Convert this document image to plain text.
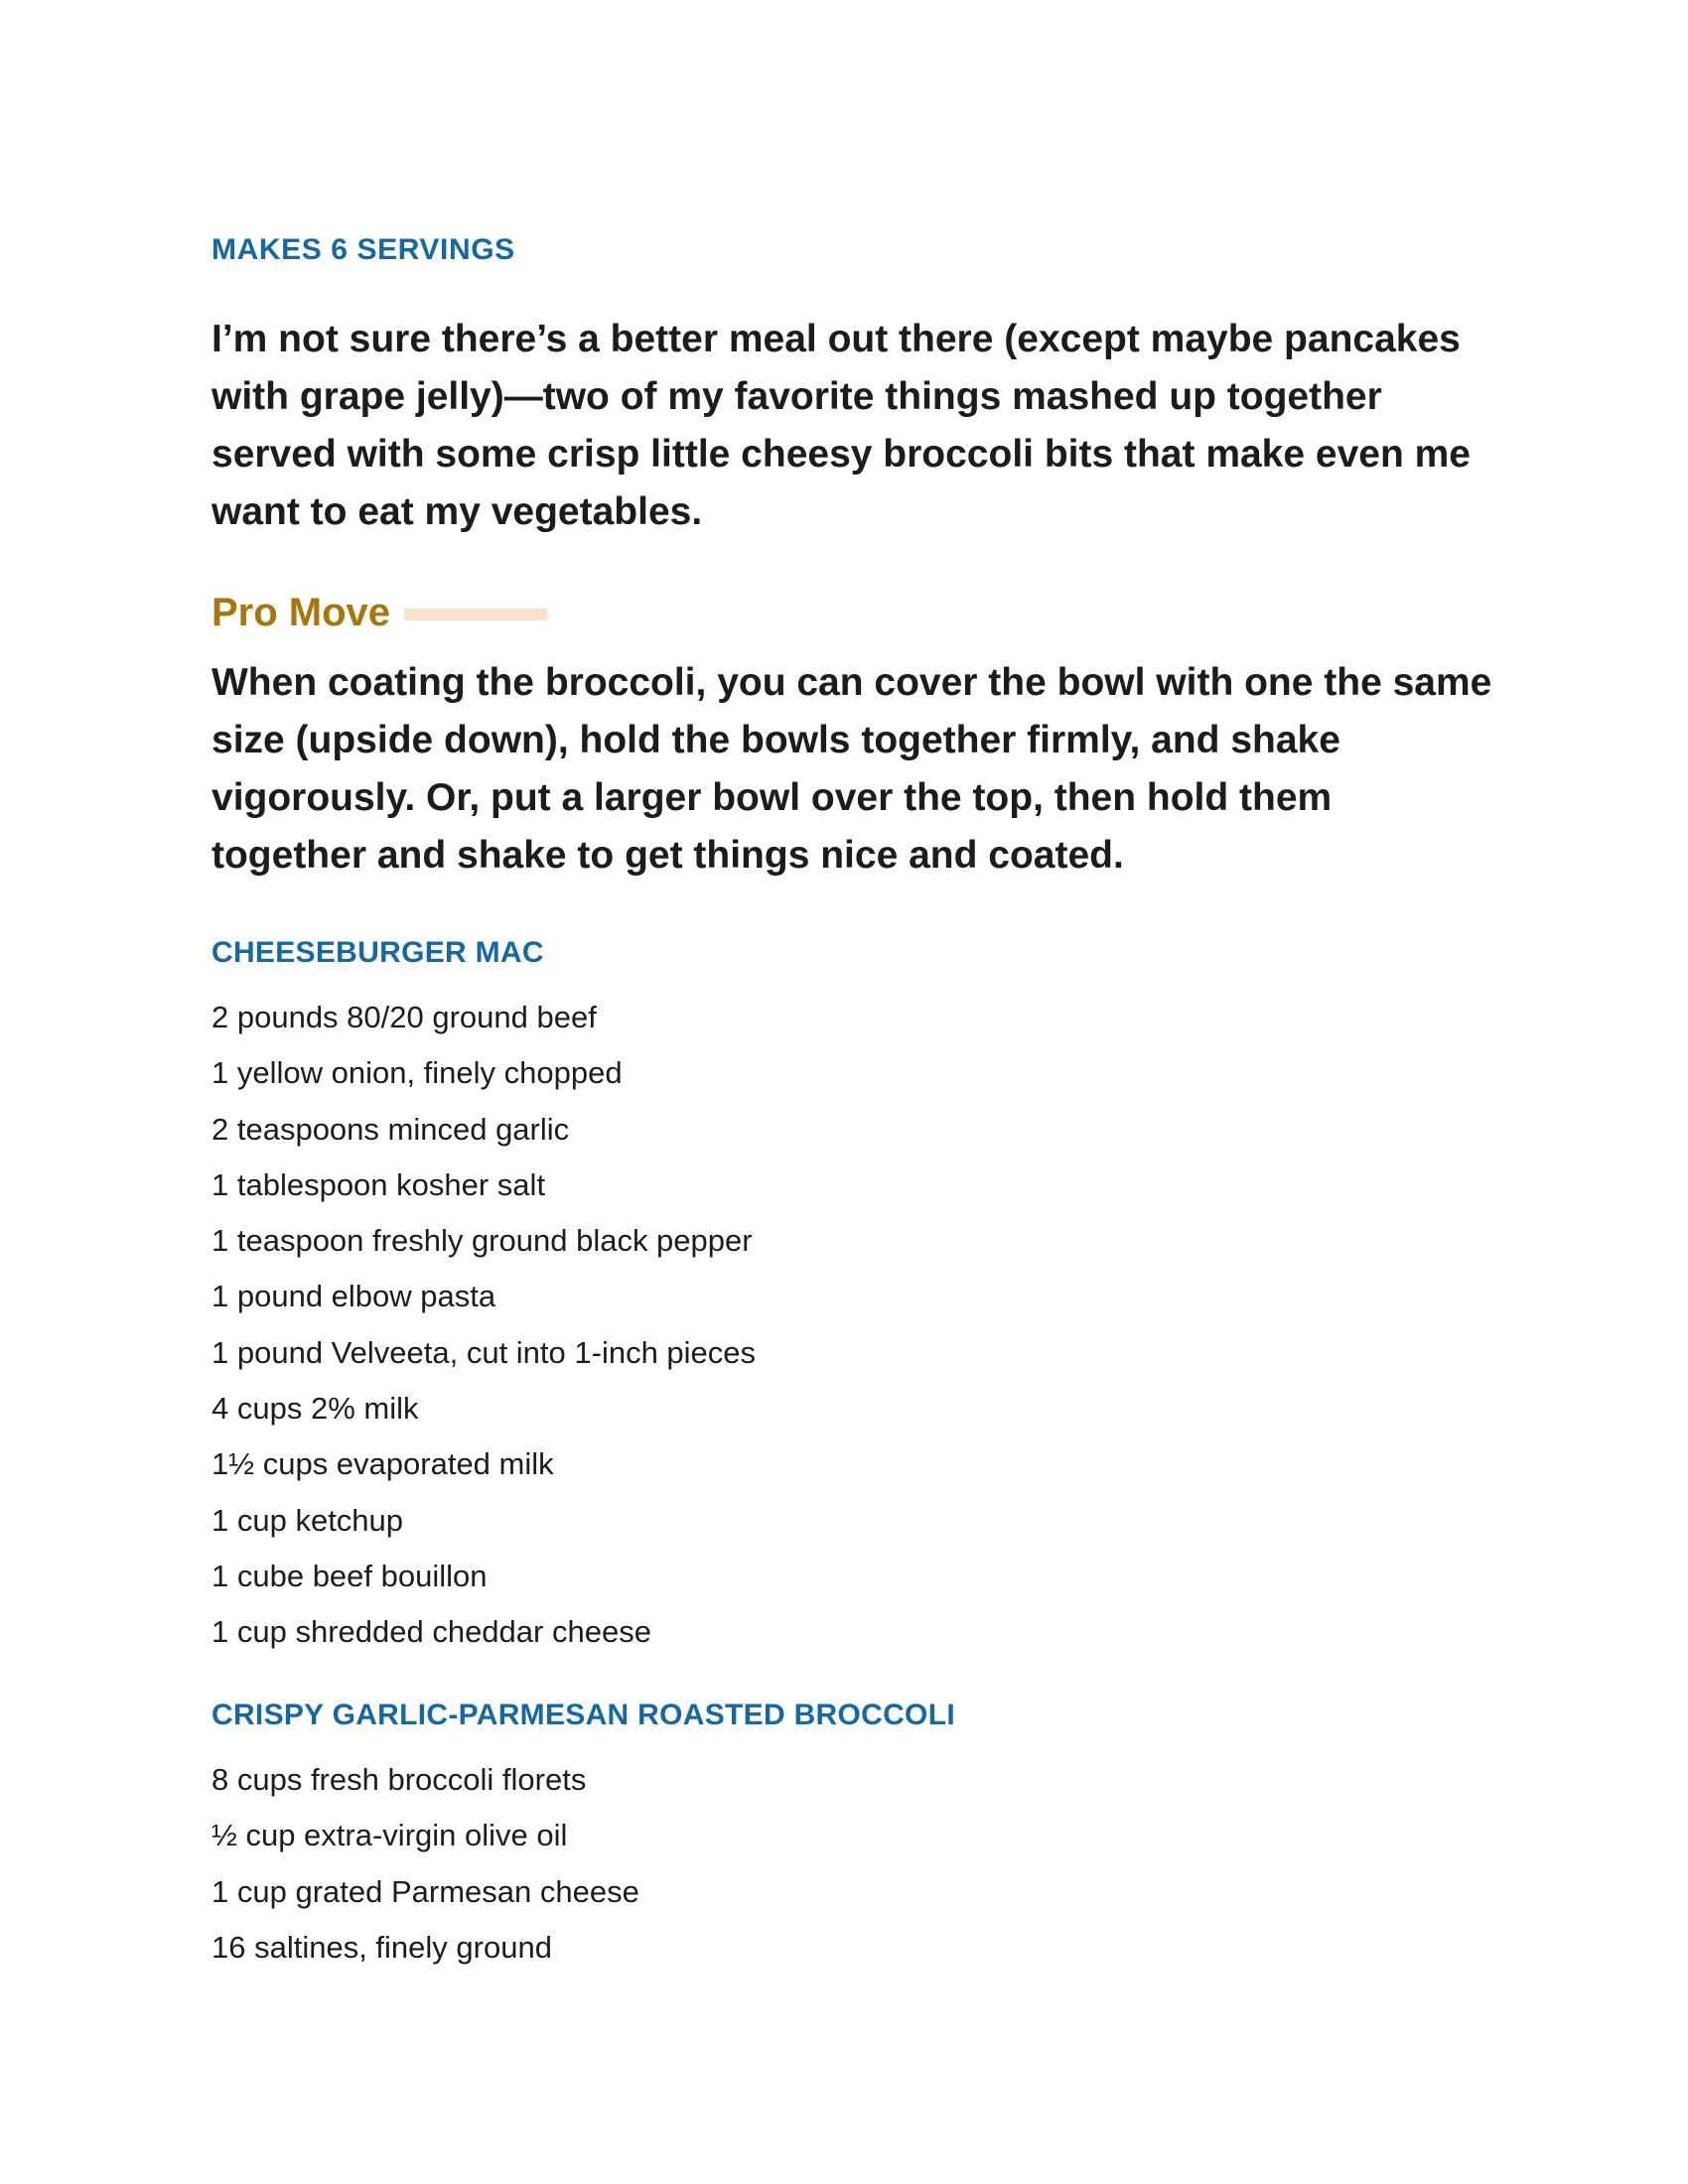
MAKES 6 SERVINGS
I’m not sure there’s a better meal out there (except maybe pancakes with grape jelly)—two of my favorite things mashed up together served with some crisp little cheesy broccoli bits that make even me want to eat my vegetables.
Pro Move
When coating the broccoli, you can cover the bowl with one the same size (upside down), hold the bowls together firmly, and shake vigorously. Or, put a larger bowl over the top, then hold them together and shake to get things nice and coated.
CHEESEBURGER MAC
2 pounds 80/20 ground beef
1 yellow onion, finely chopped
2 teaspoons minced garlic
1 tablespoon kosher salt
1 teaspoon freshly ground black pepper
1 pound elbow pasta
1 pound Velveeta, cut into 1-inch pieces
4 cups 2% milk
1½ cups evaporated milk
1 cup ketchup
1 cube beef bouillon
1 cup shredded cheddar cheese
CRISPY GARLIC-PARMESAN ROASTED BROCCOLI
8 cups fresh broccoli florets
½ cup extra-virgin olive oil
1 cup grated Parmesan cheese
16 saltines, finely ground
